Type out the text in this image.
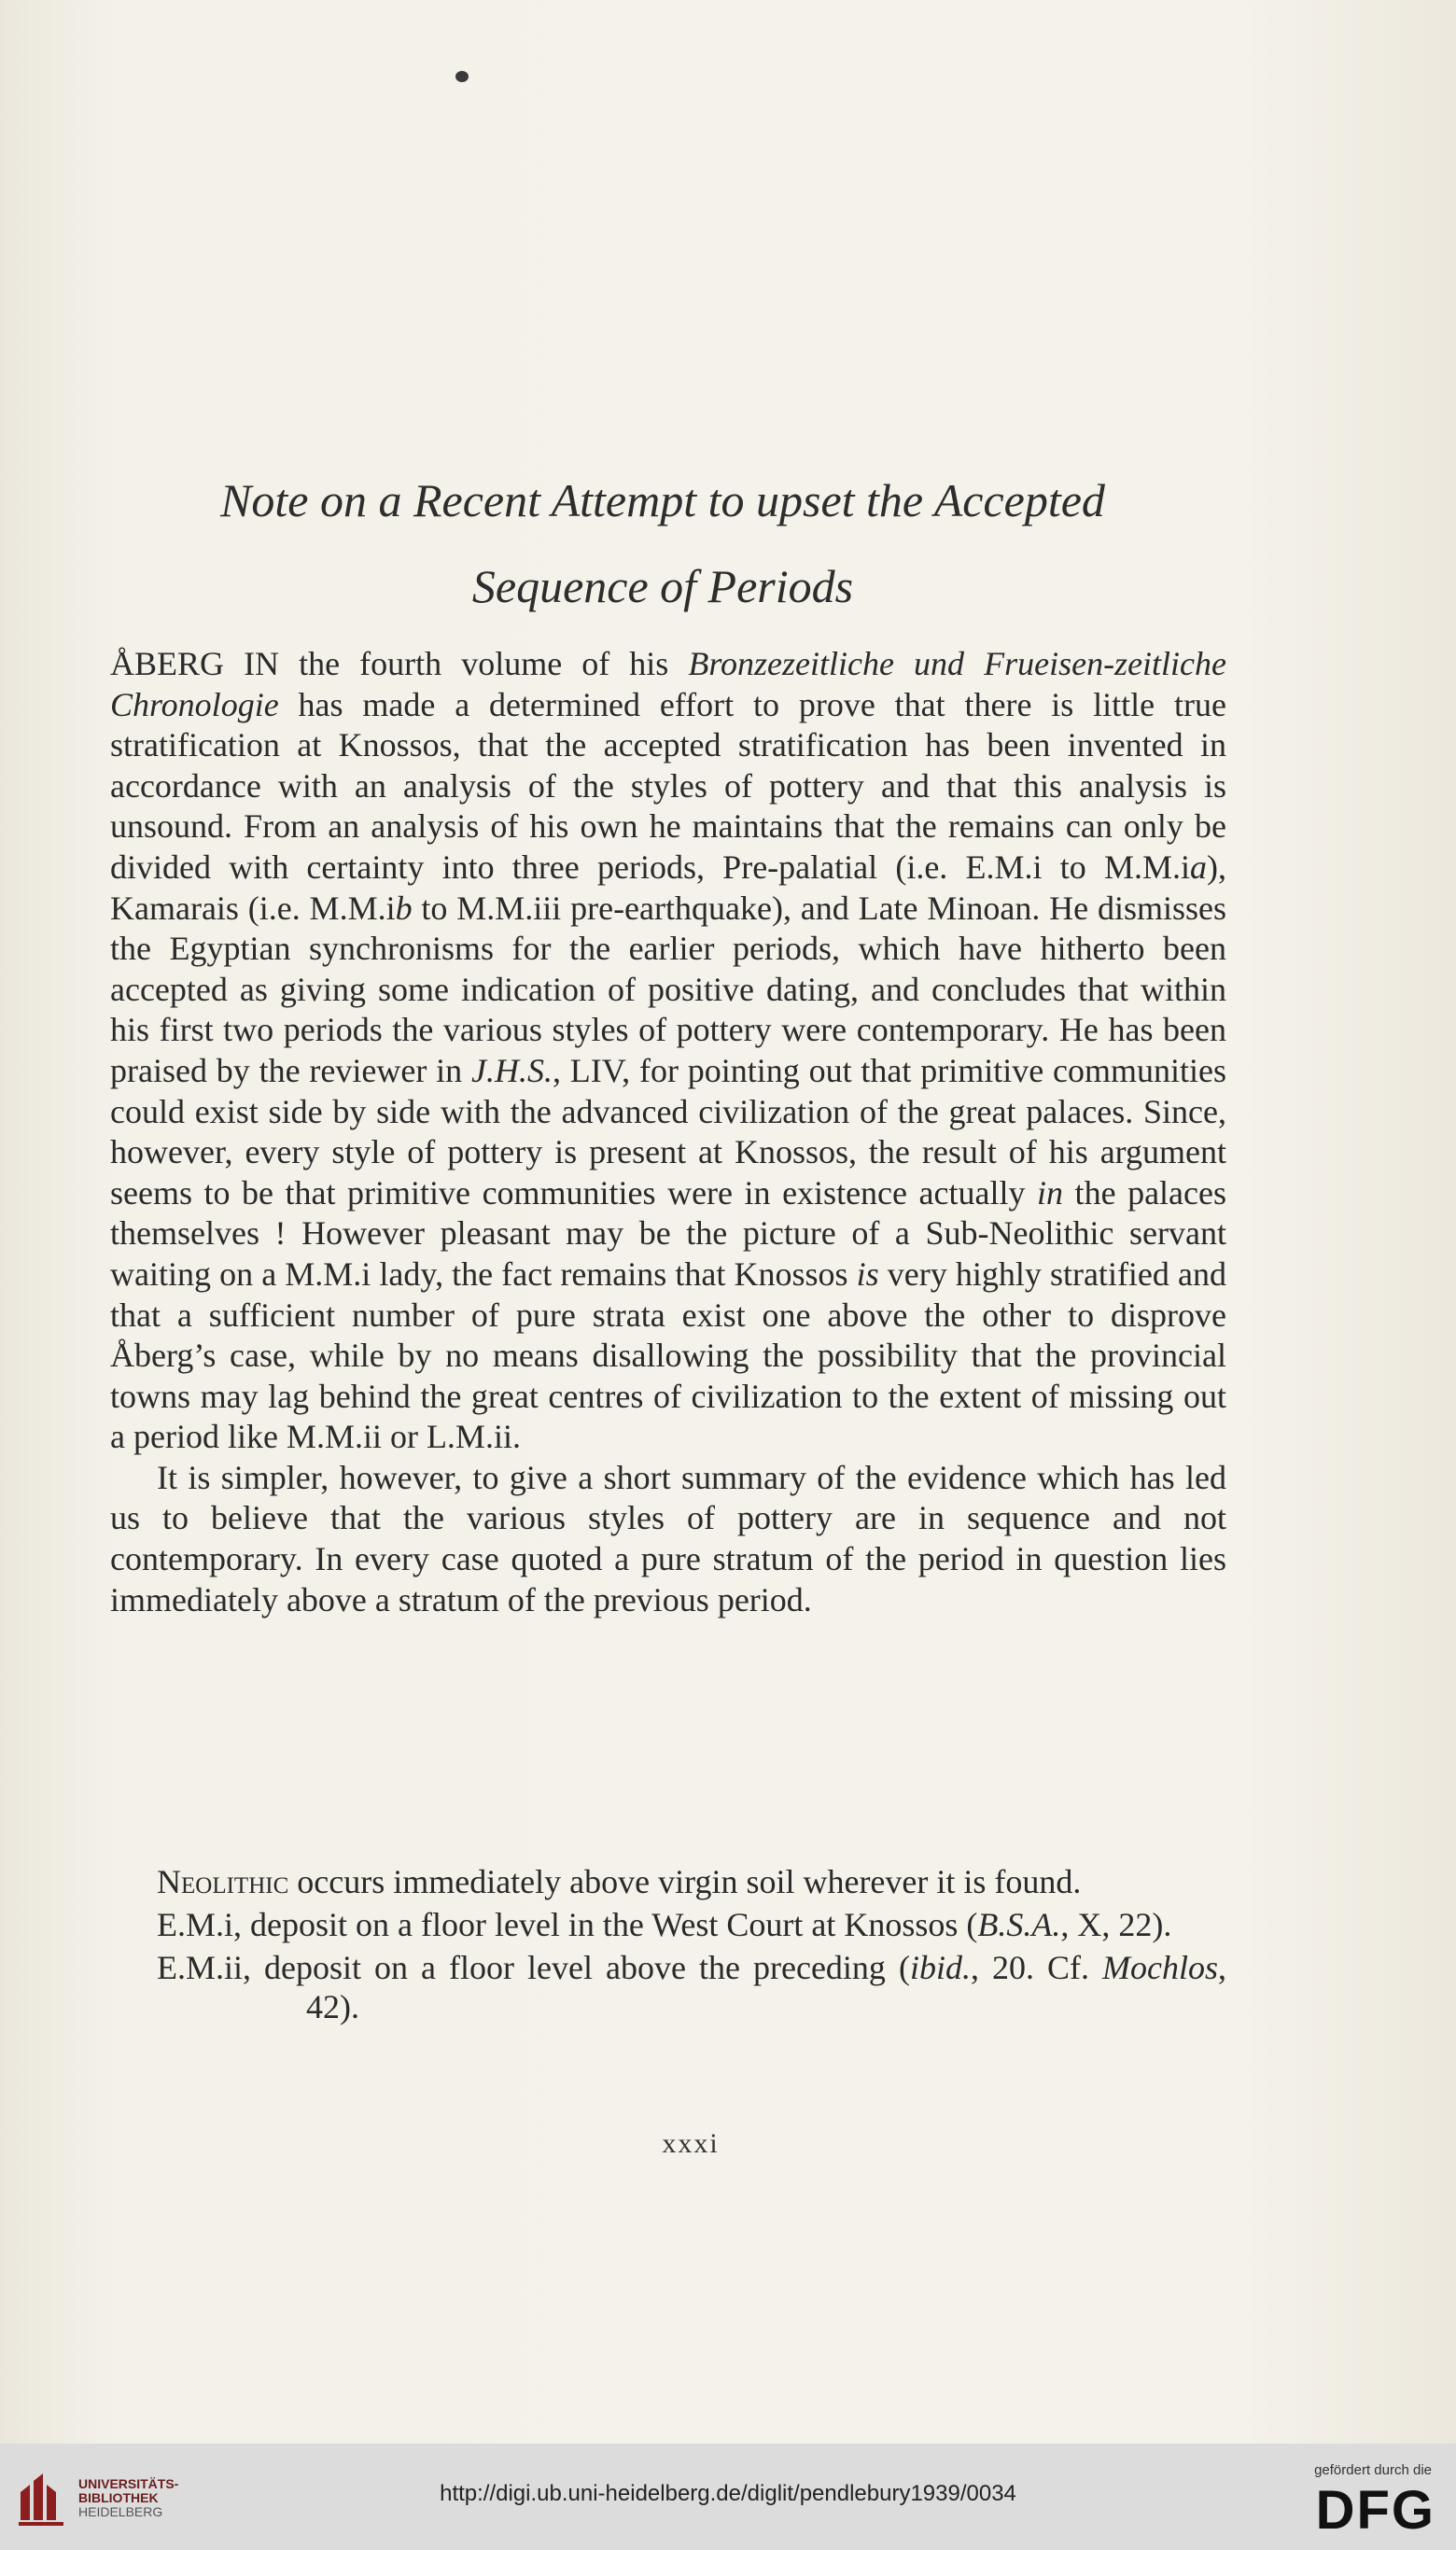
Note on a Recent Attempt to upset the Accepted
Sequence of Periods

ÅBERG IN the fourth volume of his Bronzezeitliche und Frueisen-zeitliche Chronologie has made a determined effort to prove that there is little true stratification at Knossos, that the accepted stratification has been invented in accordance with an analysis of the styles of pottery and that this analysis is unsound. From an analysis of his own he maintains that the remains can only be divided with certainty into three periods, Pre-palatial (i.e. E.M.i to M.M.ia), Kamarais (i.e. M.M.ib to M.M.iii pre-earthquake), and Late Minoan. He dismisses the Egyptian synchronisms for the earlier periods, which have hitherto been accepted as giving some indication of positive dating, and concludes that within his first two periods the various styles of pottery were contemporary. He has been praised by the reviewer in J.H.S., LIV, for pointing out that primitive communities could exist side by side with the advanced civilization of the great palaces. Since, however, every style of pottery is present at Knossos, the result of his argument seems to be that primitive communities were in existence actually in the palaces themselves ! However pleasant may be the picture of a Sub-Neolithic servant waiting on a M.M.i lady, the fact remains that Knossos is very highly stratified and that a sufficient number of pure strata exist one above the other to disprove Åberg’s case, while by no means disallowing the possibility that the provincial towns may lag behind the great centres of civilization to the extent of missing out a period like M.M.ii or L.M.ii.

It is simpler, however, to give a short summary of the evidence which has led us to believe that the various styles of pottery are in sequence and not contemporary. In every case quoted a pure stratum of the period in question lies immediately above a stratum of the previous period.

Neolithic occurs immediately above virgin soil wherever it is found.
E.M.i, deposit on a floor level in the West Court at Knossos (B.S.A., X, 22).
E.M.ii, deposit on a floor level above the preceding (ibid., 20. Cf. Mochlos, 42).
xxxi
UNIVERSITÄTS-
BIBLIOTHEK
HEIDELBERG
http://digi.ub.uni-heidelberg.de/diglit/pendlebury1939/0034
gefördert durch die
DFG
